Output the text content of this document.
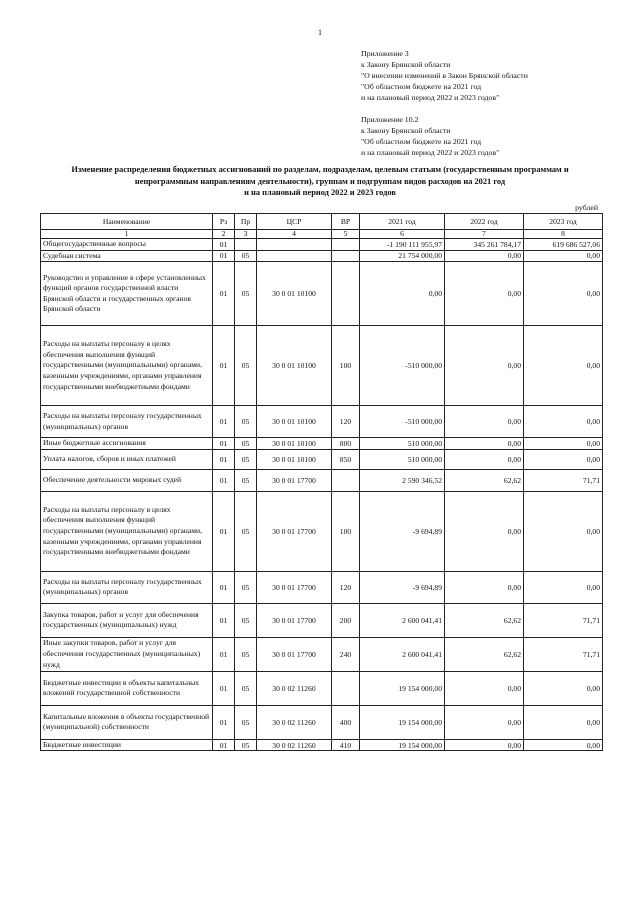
1
Приложение 3
к Закону Брянской области
"О внесении изменений в Закон Брянской области
"Об областном бюджете на 2021 год
и на плановый период 2022 и 2023 годов"
Приложение 10.2
к Закону Брянской области
"Об областном бюджете на 2021 год
и на плановый период 2022 и 2023 годов"
Изменение распределения бюджетных ассигнований по разделам, подразделам, целевым статьям (государственным программам и
непрограммным направлениям деятельности), группам и подгруппам видов расходов на 2021 год
и на плановый период 2022 и 2023 годов
рублей
Наименование	Рз	Пр	ЦСР	ВР	2021 год	2022 год	2023 год
1	2	3	4	5	6	7	8
Общегосударственные вопросы	01				-1 190 111 955,97	345 261 784,17	619 686 527,06
Судебная система	01	05			21 754 000,00	0,00	0,00
Руководство и управление в сфере установленных функций органов государственной власти Брянской области и государственных органов Брянской области	01	05	30 0 01 10100		0,00	0,00	0,00
Расходы на выплаты персоналу в целях обеспечения выполнения функций государственными (муниципальными) органами, казенными учреждениями, органами управления государственными внебюджетными фондами	01	05	30 0 01 10100	100	-510 000,00	0,00	0,00
Расходы на выплаты персоналу государственных (муниципальных) органов	01	05	30 0 01 10100	120	-510 000,00	0,00	0,00
Иные бюджетные ассигнования	01	05	30 0 01 10100	800	510 000,00	0,00	0,00
Уплата налогов, сборов и иных платежей	01	05	30 0 01 10100	850	510 000,00	0,00	0,00
Обеспечение деятельности мировых судей	01	05	30 0 01 17700		2 590 346,52	62,62	71,71
Расходы на выплаты персоналу в целях обеспечения выполнения функций государственными (муниципальными) органами, казенными учреждениями, органами управления государственными внебюджетными фондами	01	05	30 0 01 17700	100	-9 694,89	0,00	0,00
Расходы на выплаты персоналу государственных (муниципальных) органов	01	05	30 0 01 17700	120	-9 694,89	0,00	0,00
Закупка товаров, работ и услуг для обеспечения государственных (муниципальных) нужд	01	05	30 0 01 17700	200	2 600 041,41	62,62	71,71
Иные закупки товаров, работ и услуг для обеспечения государственных (муниципальных) нужд	01	05	30 0 01 17700	240	2 600 041,41	62,62	71,71
Бюджетные инвестиции в объекты капитальных вложений государственной собственности	01	05	30 0 02 11260		19 154 000,00	0,00	0,00
Капитальные вложения в объекты государственной (муниципальной) собственности	01	05	30 0 02 11260	400	19 154 000,00	0,00	0,00
Бюджетные инвестиции	01	05	30 0 02 11260	410	19 154 000,00	0,00	0,00
